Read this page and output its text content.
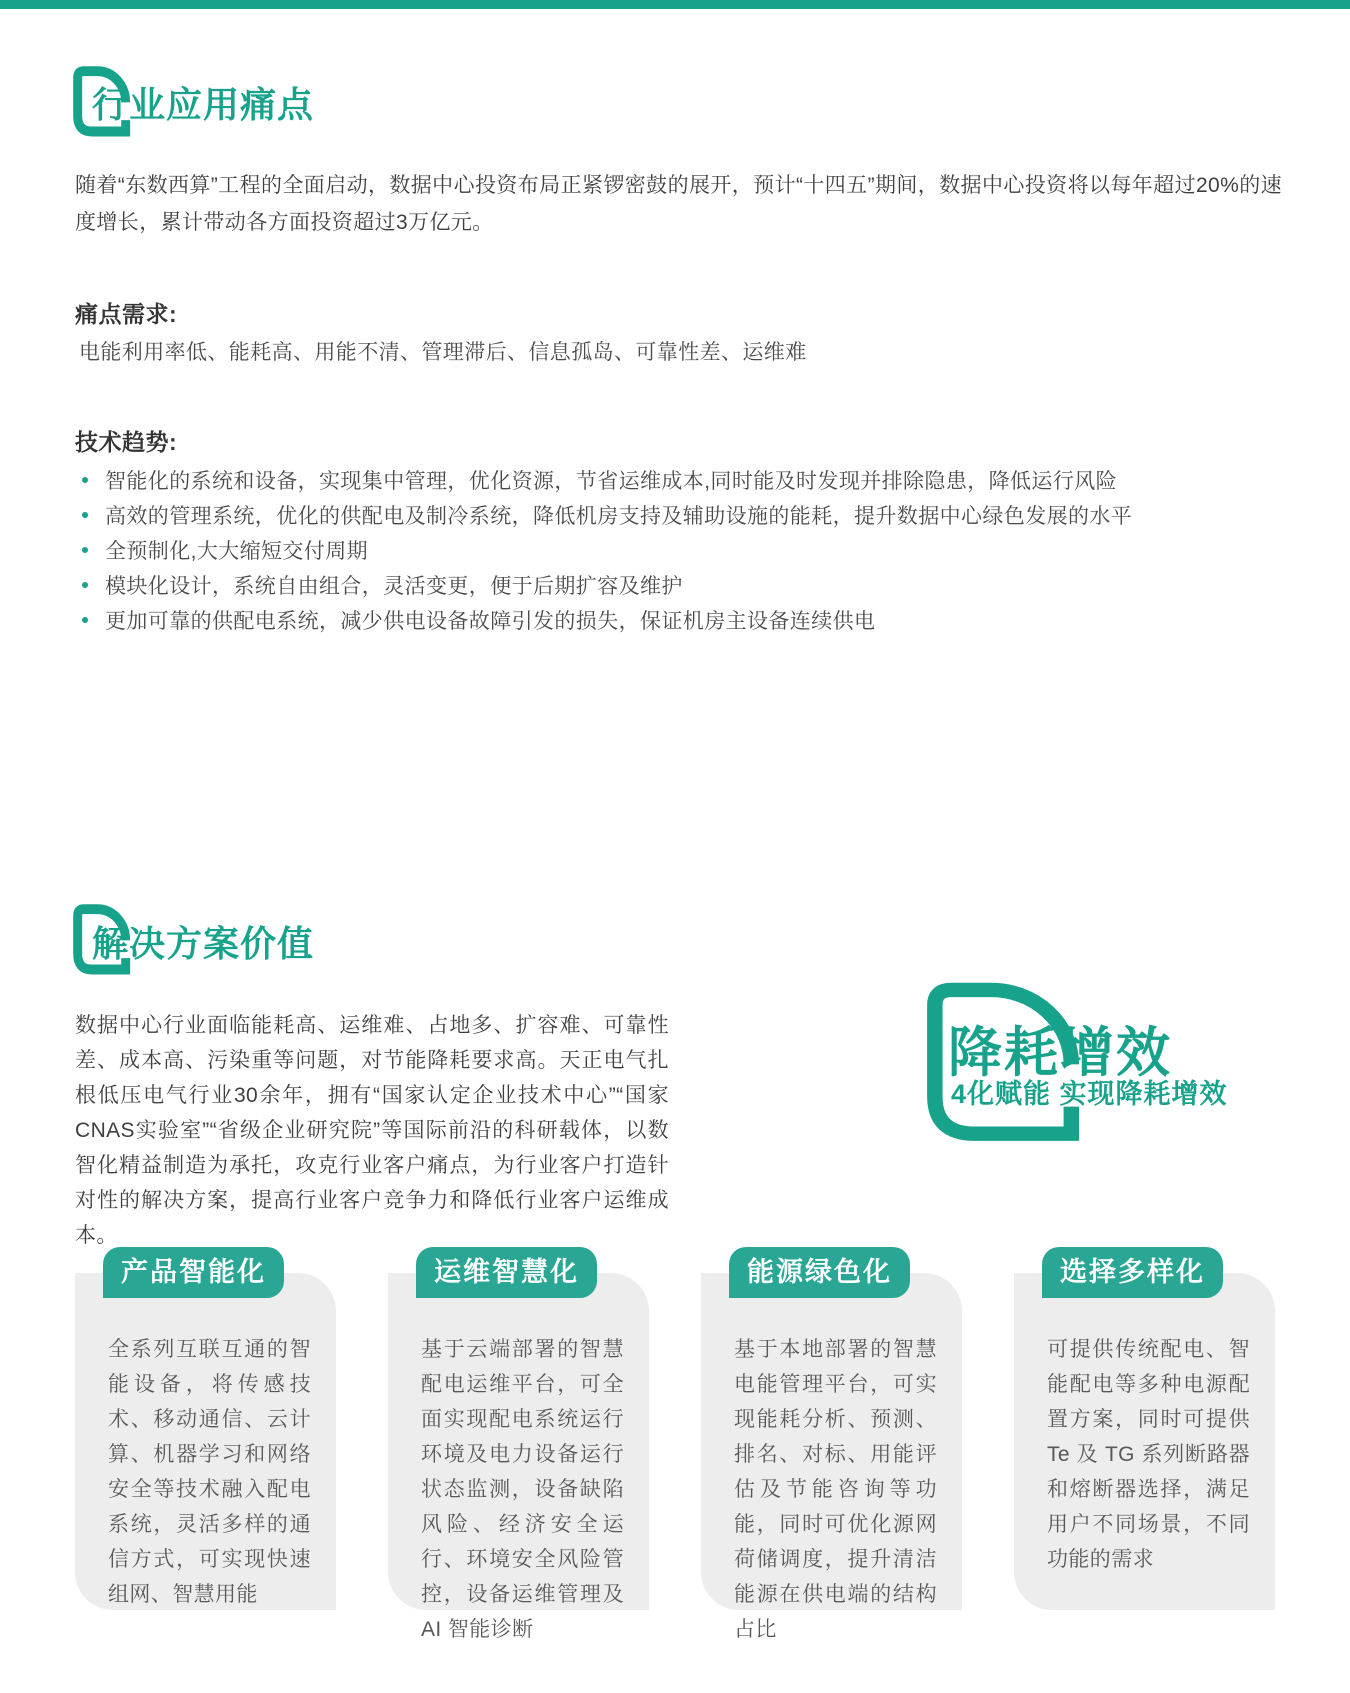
行业应用痛点
随着“东数西算”工程的全面启动，数据中心投资布局正紧锣密鼓的展开，预计“十四五”期间，数据中心投资将以每年超过20%的速度增长，累计带动各方面投资超过3万亿元。
痛点需求:
电能利用率低、能耗高、用能不清、管理滞后、信息孤岛、可靠性差、运维难
技术趋势:
智能化的系统和设备，实现集中管理，优化资源，节省运维成本,同时能及时发现并排除隐患，降低运行风险
高效的管理系统，优化的供配电及制冷系统，降低机房支持及辅助设施的能耗，提升数据中心绿色发展的水平
全预制化,大大缩短交付周期
模块化设计，系统自由组合，灵活变更，便于后期扩容及维护
更加可靠的供配电系统，减少供电设备故障引发的损失，保证机房主设备连续供电
解决方案价值
数据中心行业面临能耗高、运维难、占地多、扩容难、可靠性差、成本高、污染重等问题，对节能降耗要求高。天正电气扎根低压电气行业30余年，拥有“国家认定企业技术中心”“国家CNAS实验室”“省级企业研究院”等国际前沿的科研载体，以数智化精益制造为承托，攻克行业客户痛点，为行业客户打造针对性的解决方案，提高行业客户竞争力和降低行业客户运维成本。
降耗增效
4化赋能 实现降耗增效
产品智能化
全系列互联互通的智能设备，将传感技术、移动通信、云计算、机器学习和网络安全等技术融入配电系统，灵活多样的通信方式，可实现快速组网、智慧用能
运维智慧化
基于云端部署的智慧配电运维平台，可全面实现配电系统运行环境及电力设备运行状态监测，设备缺陷风险、经济安全运行、环境安全风险管控，设备运维管理及AI 智能诊断
能源绿色化
基于本地部署的智慧电能管理平台，可实现能耗分析、预测、排名、对标、用能评估及节能咨询等功能，同时可优化源网荷储调度，提升清洁能源在供电端的结构占比
选择多样化
可提供传统配电、智能配电等多种电源配置方案，同时可提供 Te 及 TG 系列断路器和熔断器选择，满足用户不同场景，不同功能的需求
